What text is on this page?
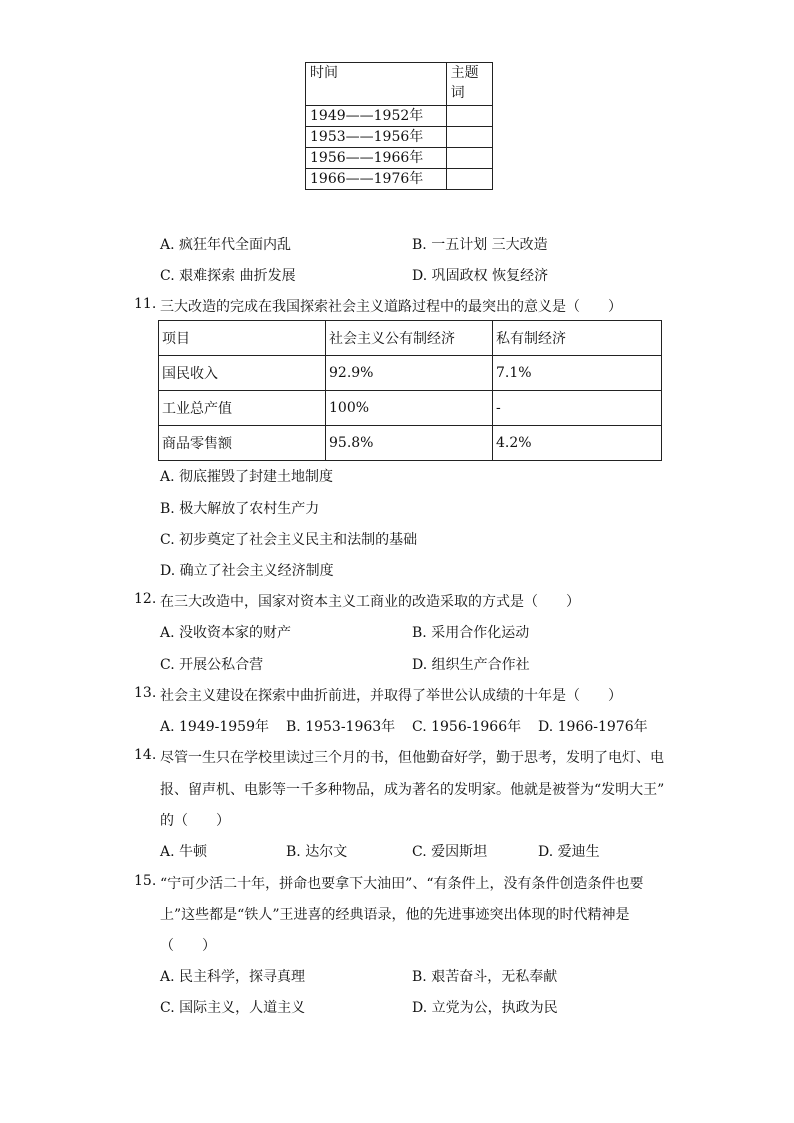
时间	主题词
1949——1952年	
1953——1956年	
1956——1966年	
1966——1976年	
A. 疯狂年代全面内乱	B. 一五计划 三大改造
C. 艰难探索 曲折发展	D. 巩固政权 恢复经济
11. 三大改造的完成在我国探索社会主义道路过程中的最突出的意义是（　　）
项目	社会主义公有制经济	私有制经济
国民收入	92.9%	7.1%
工业总产值	100%	-
商品零售额	95.8%	4.2%
A. 彻底摧毁了封建土地制度
B. 极大解放了农村生产力
C. 初步奠定了社会主义民主和法制的基础
D. 确立了社会主义经济制度
12. 在三大改造中，国家对资本主义工商业的改造采取的方式是（　　）
A. 没收资本家的财产	B. 采用合作化运动
C. 开展公私合营	D. 组织生产合作社
13. 社会主义建设在探索中曲折前进，并取得了举世公认成绩的十年是（　　）
A. 1949-1959年 B. 1953-1963年 C. 1956-1966年 D. 1966-1976年
14. 尽管一生只在学校里读过三个月的书，但他勤奋好学，勤于思考，发明了电灯、电
报、留声机、电影等一千多种物品，成为著名的发明家。他就是被誉为“发明大王”
的（　　）
A. 牛顿	B. 达尔文	C. 爱因斯坦	D. 爱迪生
15. “宁可少活二十年，拼命也要拿下大油田”、“有条件上，没有条件创造条件也要
上”这些都是“铁人”王进喜的经典语录，他的先进事迹突出体现的时代精神是
（　　）
A. 民主科学，探寻真理	B. 艰苦奋斗，无私奉献
C. 国际主义，人道主义	D. 立党为公，执政为民
